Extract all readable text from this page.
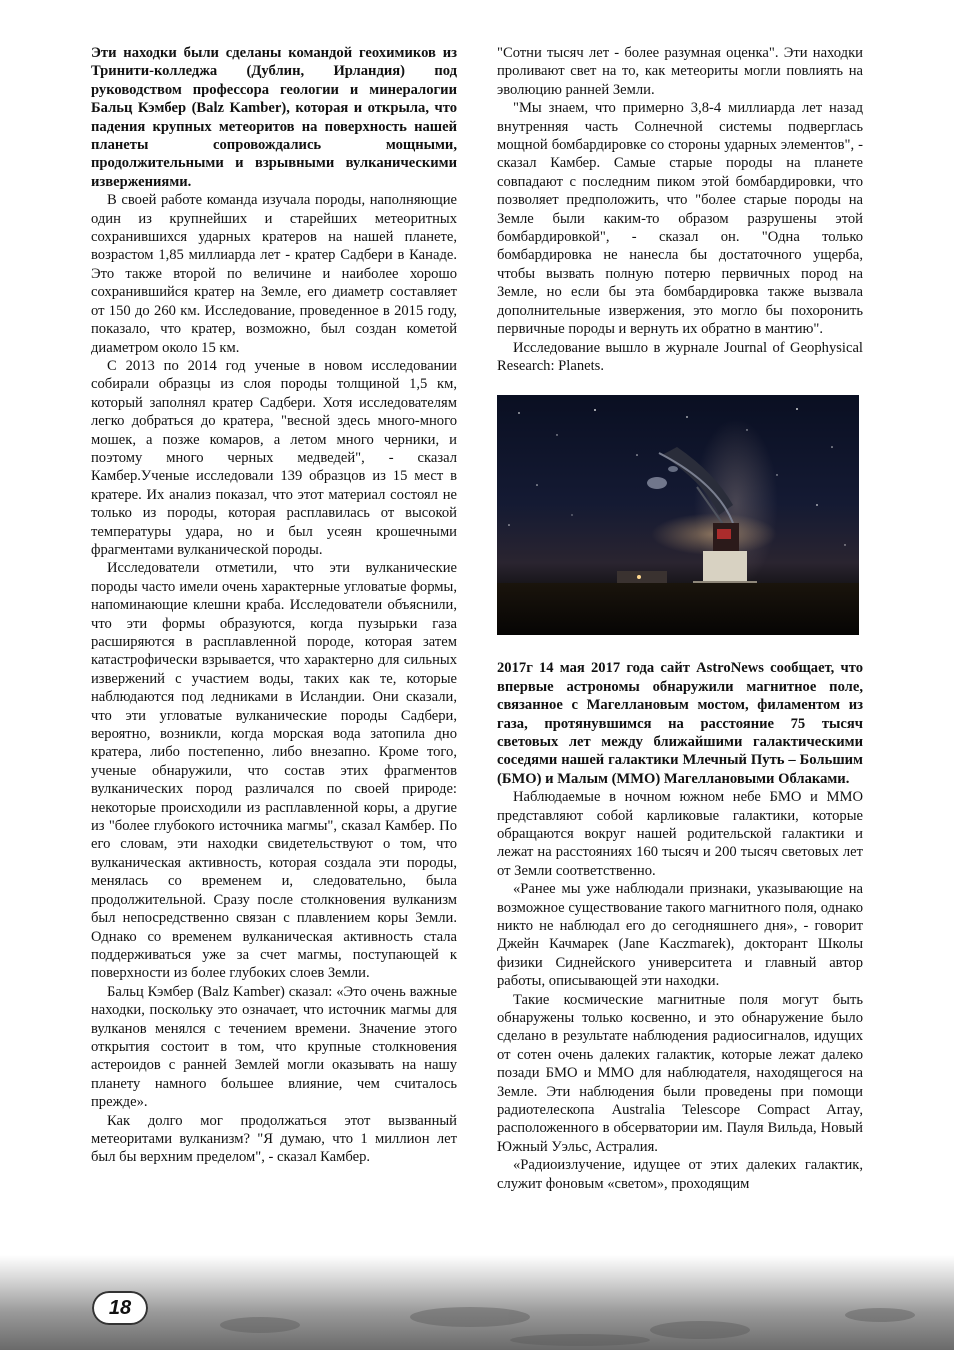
Эти находки были сделаны командой геохимиков из Тринити-колледжа (Дублин, Ирландия) под руководством профессора геологии и минералогии Бальц Кэмбер (Balz Kamber), которая и открыла, что падения крупных метеоритов на поверхность нашей планеты сопровождались мощными, продолжительными и взрывными вулканическими извержениями.

В своей работе команда изучала породы, наполняющие один из крупнейших и старейших метеоритных сохранившихся ударных кратеров на нашей планете, возрастом 1,85 миллиарда лет - кратер Садбери в Канаде. Это также второй по величине и наиболее хорошо сохранившийся кратер на Земле, его диаметр составляет от 150 до 260 км. Исследование, проведенное в 2015 году, показало, что кратер, возможно, был создан кометой диаметром около 15 км.

С 2013 по 2014 год ученые в новом исследовании собирали образцы из слоя породы толщиной 1,5 км, который заполнял кратер Садбери. Хотя исследователям легко добраться до кратера, "весной здесь много-много мошек, а позже комаров, а летом много черники, и поэтому много черных медведей", - сказал Камбер.Ученые исследовали 139 образцов из 15 мест в кратере. Их анализ показал, что этот материал состоял не только из породы, которая расплавилась от высокой температуры удара, но и был усеян крошечными фрагментами вулканической породы.

Исследователи отметили, что эти вулканические породы часто имели очень характерные угловатые формы, напоминающие клешни краба. Исследователи объяснили, что эти формы образуются, когда пузырьки газа расширяются в расплавленной породе, которая затем катастрофически взрывается, что характерно для сильных извержений с участием воды, таких как те, которые наблюдаются под ледниками в Исландии. Они сказали, что эти угловатые вулканические породы Садбери, вероятно, возникли, когда морская вода затопила дно кратера, либо постепенно, либо внезапно. Кроме того, ученые обнаружили, что состав этих фрагментов вулканических пород различался по своей природе: некоторые происходили из расплавленной коры, а другие из "более глубокого источника магмы", сказал Камбер. По его словам, эти находки свидетельствуют о том, что вулканическая активность, которая создала эти породы, менялась со временем и, следовательно, была продолжительной. Сразу после столкновения вулканизм был непосредственно связан с плавлением коры Земли. Однако со временем вулканическая активность стала поддерживаться уже за счет магмы, поступающей к поверхности из более глубоких слоев Земли.

Бальц Кэмбер (Balz Kamber) сказал: «Это очень важные находки, поскольку это означает, что источник магмы для вулканов менялся с течением времени. Значение этого открытия состоит в том, что крупные столкновения астероидов с ранней Землей могли оказывать на нашу планету намного большее влияние, чем считалось прежде».

Как долго мог продолжаться этот вызванный метеоритами вулканизм? "Я думаю, что 1 миллион лет был бы верхним пределом", - сказал Камбер.

"Сотни тысяч лет - более разумная оценка". Эти находки проливают свет на то, как метеориты могли повлиять на эволюцию ранней Земли.

"Мы знаем, что примерно 3,8-4 миллиарда лет назад внутренняя часть Солнечной системы подверглась мощной бомбардировке со стороны ударных элементов", - сказал Камбер. Самые старые породы на планете совпадают с последним пиком этой бомбардировки, что позволяет предположить, что "более старые породы на Земле были каким-то образом разрушены этой бомбардировкой", - сказал он. "Одна только бомбардировка не нанесла бы достаточного ущерба, чтобы вызвать полную потерю первичных пород на Земле, но если бы эта бомбардировка также вызвала дополнительные извержения, это могло бы похоронить первичные породы и вернуть их обратно в мантию".

Исследование вышло в журнале Journal of Geophysical Research: Planets.

2017г 14 мая 2017 года сайт AstroNews сообщает, что впервые астрономы обнаружили магнитное поле, связанное с Магеллановым мостом, филаментом из газа, протянувшимся на расстояние 75 тысяч световых лет между ближайшими галактическими соседями нашей галактики Млечный Путь – Большим (БМО) и Малым (ММО) Магеллановыми Облаками.

Наблюдаемые в ночном южном небе БМО и ММО представляют собой карликовые галактики, которые обращаются вокруг нашей родительской галактики и лежат на расстояниях 160 тысяч и 200 тысяч световых лет от Земли соответственно.

«Ранее мы уже наблюдали признаки, указывающие на возможное существование такого магнитного поля, однако никто не наблюдал его до сегодняшнего дня», - говорит Джейн Качмарек (Jane Kaczmarek), докторант Школы физики Сиднейского университета и главный автор работы, описывающей эти находки.

Такие космические магнитные поля могут быть обнаружены только косвенно, и это обнаружение было сделано в результате наблюдения радиосигналов, идущих от сотен очень далеких галактик, которые лежат далеко позади БМО и ММО для наблюдателя, находящегося на Земле. Эти наблюдения были проведены при помощи радиотелескопа Australia Telescope Compact Array, расположенного в обсерватории им. Пауля Вильда, Новый Южный Уэльс, Астралия.

«Радиоизлучение, идущее от этих далеких галактик, служит фоновым «светом», проходящим

18
